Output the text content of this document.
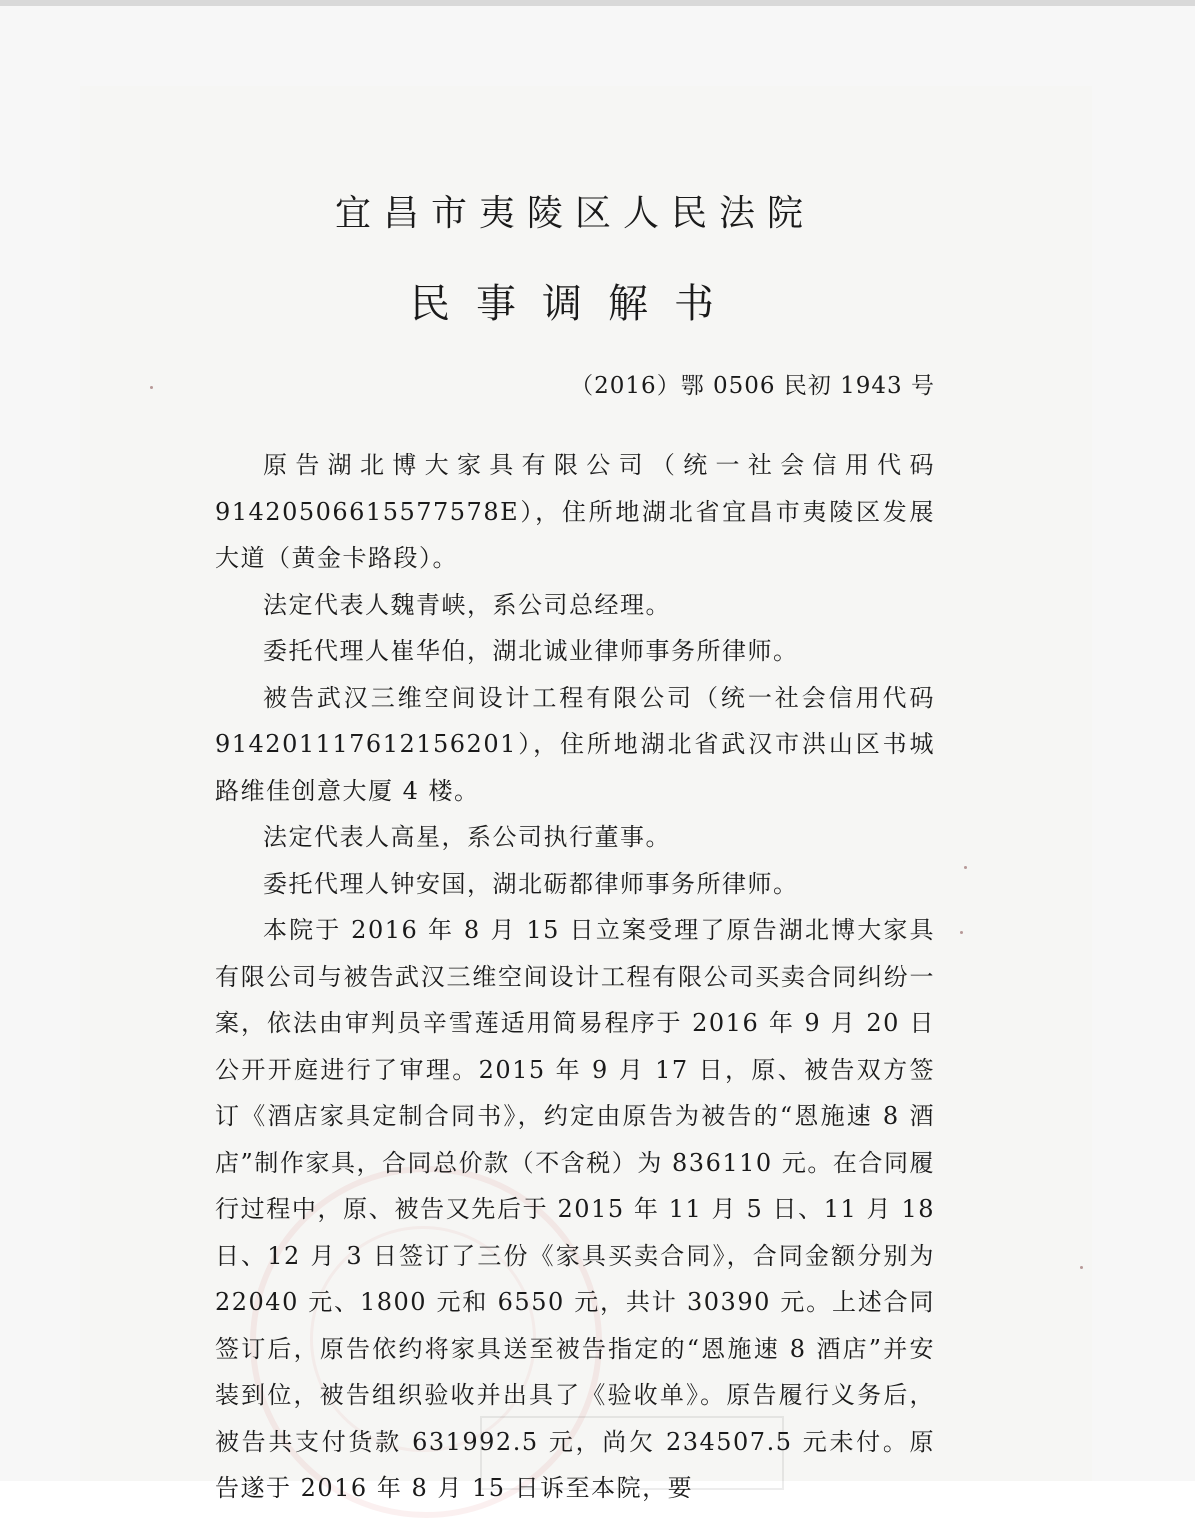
宜昌市夷陵区人民法院
民事调解书
（2016）鄂 0506 民初 1943 号

原告湖北博大家具有限公司（统一社会信用代码 91420506615577578E），住所地湖北省宜昌市夷陵区发展大道（黄金卡路段）。

法定代表人魏青峡，系公司总经理。

委托代理人崔华伯，湖北诚业律师事务所律师。

被告武汉三维空间设计工程有限公司（统一社会信用代码 914201117612156201），住所地湖北省武汉市洪山区书城路维佳创意大厦 4 楼。

法定代表人高星，系公司执行董事。

委托代理人钟安国，湖北砺都律师事务所律师。

本院于 2016 年 8 月 15 日立案受理了原告湖北博大家具有限公司与被告武汉三维空间设计工程有限公司买卖合同纠纷一案，依法由审判员辛雪莲适用简易程序于 2016 年 9 月 20 日公开开庭进行了审理。2015 年 9 月 17 日，原、被告双方签订《酒店家具定制合同书》，约定由原告为被告的“恩施速 8 酒店”制作家具，合同总价款（不含税）为 836110 元。在合同履行过程中，原、被告又先后于 2015 年 11 月 5 日、11 月 18 日、12 月 3 日签订了三份《家具买卖合同》，合同金额分别为 22040 元、1800 元和 6550 元，共计 30390 元。上述合同签订后，原告依约将家具送至被告指定的“恩施速 8 酒店”并安装到位，被告组织验收并出具了《验收单》。原告履行义务后，被告共支付货款 631992.5 元，尚欠 234507.5 元未付。原告遂于 2016 年 8 月 15 日诉至本院，要
